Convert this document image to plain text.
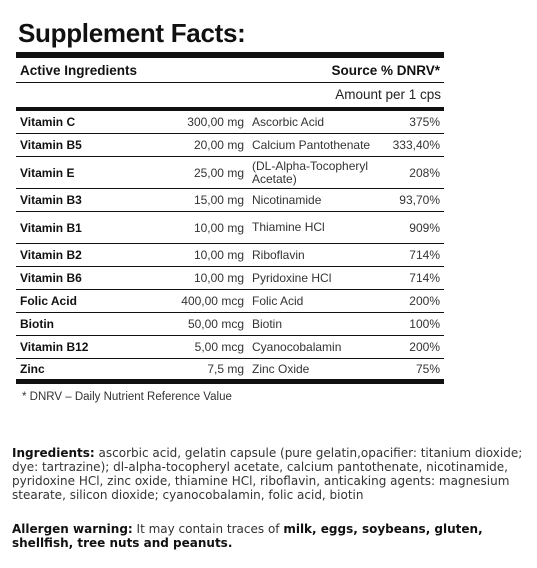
Supplement Facts:
Active Ingredients	Source % DNRV*
Amount per 1 cps
Vitamin C	300,00 mg	Ascorbic Acid	375%
Vitamin B5	20,00 mg	Calcium Pantothenate	333,40%
Vitamin E	25,00 mg	(DL-Alpha-Tocopheryl Acetate)	208%
Vitamin B3	15,00 mg	Nicotinamide	93,70%
Vitamin B1	10,00 mg	Thiamine HCl	909%
Vitamin B2	10,00 mg	Riboflavin	714%
Vitamin B6	10,00 mg	Pyridoxine HCl	714%
Folic Acid	400,00 mcg	Folic Acid	200%
Biotin	50,00 mcg	Biotin	100%
Vitamin B12	5,00 mcg	Cyanocobalamin	200%
Zinc	7,5 mg	Zinc Oxide	75%
* DNRV – Daily Nutrient Reference Value
Ingredients: ascorbic acid, gelatin capsule (pure gelatin,opacifier: titanium dioxide; dye: tartrazine); dl-alpha-tocopheryl acetate, calcium pantothenate, nicotinamide, pyridoxine HCl, zinc oxide, thiamine HCl, riboflavin, anticaking agents: magnesium stearate, silicon dioxide; cyanocobalamin, folic acid, biotin
Allergen warning: It may contain traces of milk, eggs, soybeans, gluten, shellfish, tree nuts and peanuts.
